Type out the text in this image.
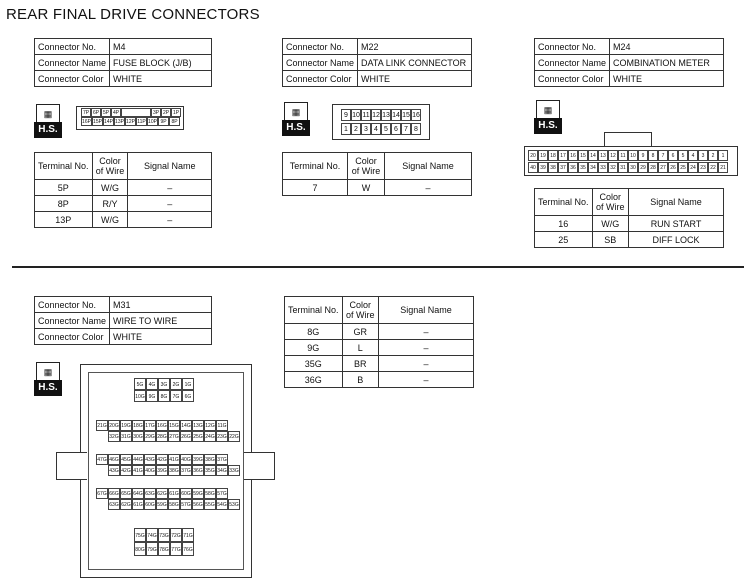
REAR FINAL DRIVE CONNECTORS
Connector No.	M4
Connector Name	FUSE BLOCK (J/B)
Connector Color	WHITE
▦
H.S.
7P 6P 5P 4P	3P 2P 1P
16P 15P 14P 13P 12P 11P 10P 9P 8P
Terminal No.	Color of Wire	Signal Name
5P	W/G	–
8P	R/Y	–
13P	W/G	–
Connector No.	M22
Connector Name	DATA LINK CONNECTOR
Connector Color	WHITE
▦
H.S.
9 10 11 12 13 14 15 16
1 2 3 4 5 6 7 8
Terminal No.	Color of Wire	Signal Name
7	W	–
Connector No.	M24
Connector Name	COMBINATION METER
Connector Color	WHITE
▦
H.S.
20 19 18 17 16 15 14 13 12 11 10	9	8	7	6	5	4	3	2	1
40 39 38 37 36 35 34 33 32 31 30 29 28 27 26 25 24 23 22 21
Terminal No.	Color of Wire	Signal Name
16	W/G	RUN START
25	SB	DIFF LOCK
Connector No.	M31
Connector Name	WIRE TO WIRE
Connector Color	WHITE
Terminal No.	Color of Wire	Signal Name
8G	GR	–
9G	L	–
35G	BR	–
36G	B	–
▦
H.S.	5G	4G	3G	2G	1G
10G 9G	8G	7G	6G
21G 20G 19G 18G 17G 16G 15G 14G 13G 12G 11G
32G 31G 30G 29G 28G 27G 26G 25G 24G 23G 22G
47G 46G 45G 44G 43G 42G 41G 40G 39G 38G 37G
43G 42G 41G 40G 39G 38G 37G 36G 35G 34G 33G
67G 66G 65G 64G 63G 62G 61G 60G 59G 58G 57G
63G 62G 61G 60G 59G 58G 57G 56G 55G 54G 53G
75G 74G 73G 72G 71G
80G 79G 78G 77G 76G
